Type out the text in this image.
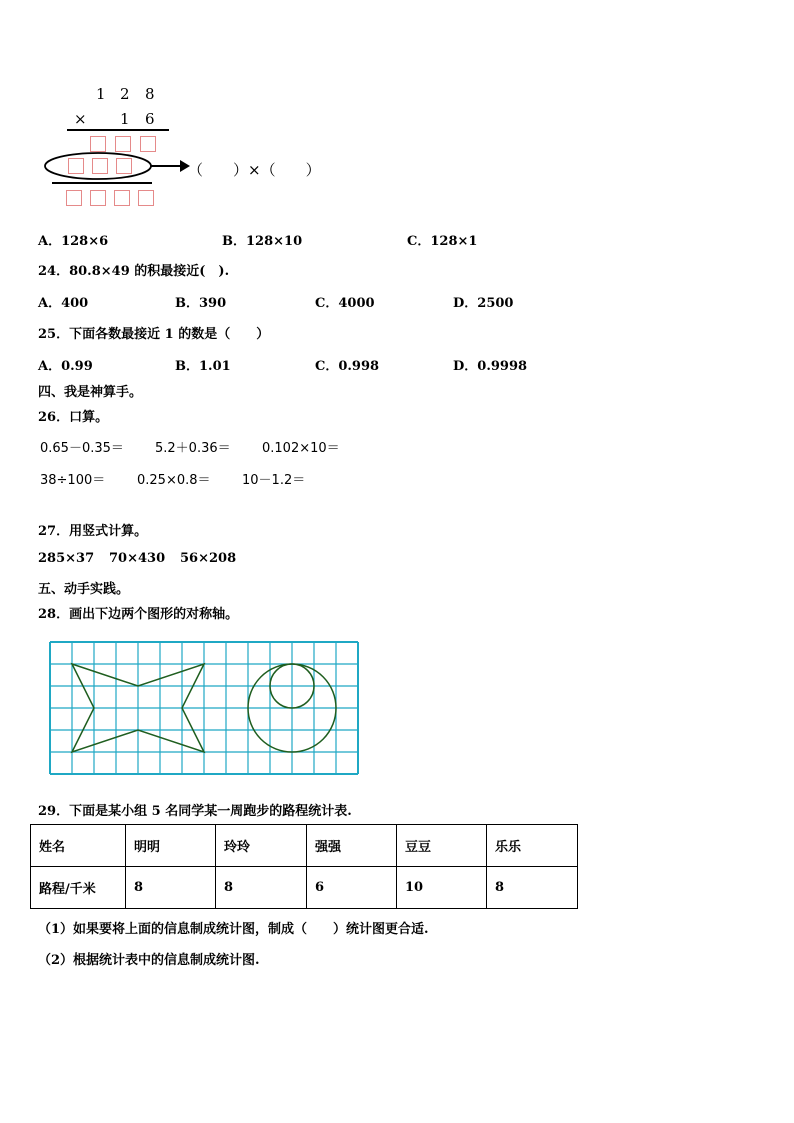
1 2 8
× 1 6
（　　）×（　　）
A．128×6	B．128×10	C．128×1
24．80.8×49 的积最接近(　).
A．400	B．390	C．4000	D．2500
25．下面各数最接近 1 的数是（　　）
A．0.99	B．1.01	C．0.998	D．0.9998
四、我是神算手。
26．口算。
0.65－0.35＝ 5.2＋0.36＝ 0.102×10＝
38÷100＝ 0.25×0.8＝ 10－1.2＝
27．用竖式计算。
285×37 70×430 56×208
五、动手实践。
28．画出下边两个图形的对称轴。
29．下面是某小组 5 名同学某一周跑步的路程统计表.
姓名	明明	玲玲	强强	豆豆	乐乐
路程/千米	8	8	6	10	8
（1）如果要将上面的信息制成统计图，制成（　　）统计图更合适.
（2）根据统计表中的信息制成统计图.
